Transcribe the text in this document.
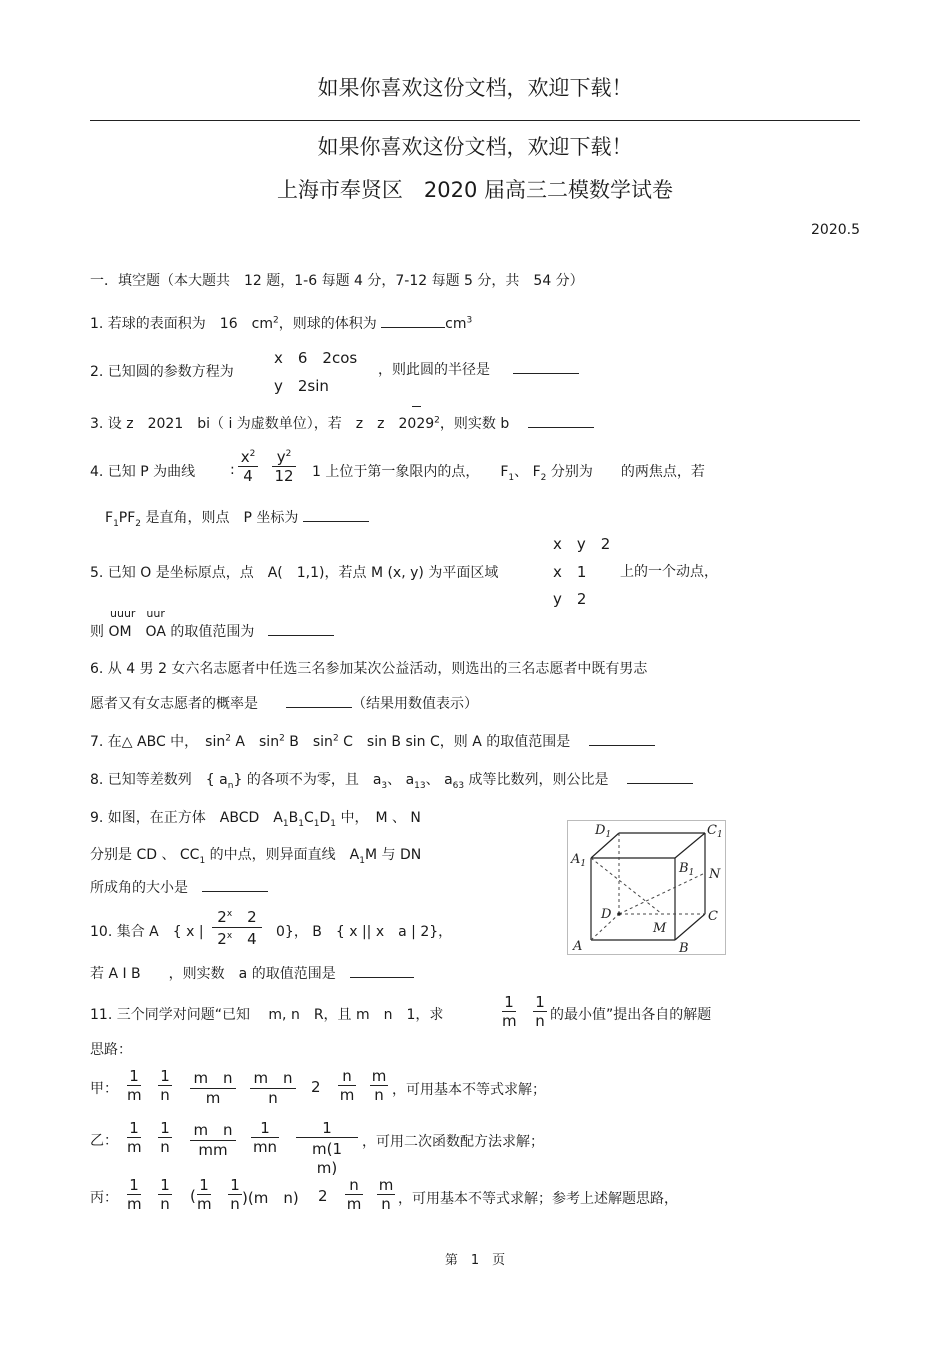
如果你喜欢这份文档，欢迎下载！
如果你喜欢这份文档，欢迎下载！
上海市奉贤区　2020 届高三二模数学试卷
2020.5
一．填空题（本大题共　12 题，1-6 每题 4 分，7-12 每题 5 分，共　54 分）
1. 若球的表面积为　16　$cm^2$，则球的体积为	$cm^3$
2. 已知圆的参数方程为
x　6　2cos
y　2sin
，则此圆的半径是
3. 设 z　2021　bi（ i 为虚数单位），若　z　z　 2029$^2$，则实数 b 　
4. 已知 P 为曲线 :
$x^2$
4
$y^2$
12 1 上位于第一象限内的点，　　 $F_1$、 $F_2$ 分别为　　的两焦点，若
$F_1PF_2$ 是直角，则点　P 坐标为
x　y　2
x　1
y　2
5. 已知 O 是坐标原点，点　A(　1,1)，若点 M (x, y) 为平面区域	上的一个动点，
uuur　uur
则 OM　OA 的取值范围为　
6. 从 4 男 2 女六名志愿者中任选三名参加某次公益活动，则选出的三名志愿者中既有男志
愿者又有女志愿者的概率是　　	（结果用数值表示）
7. 在△ ABC 中，　$\sin^2 A$　$\sin^2 B$　$\sin^2 C$　sin B sin C，则 A 的取值范围是 　
8. 已知等差数列　{ $a_n$} 的各项不为零，且　$a_3$、 $a_{13}$、 $a_{63}$ 成等比数列，则公比是 　
9. 如图，在正方体　ABCD　$A_1B_1C_1D_1$ 中，　M 、 N
分别是 CD 、 $CC_1$ 的中点，则异面直线　$A_1M$ 与 DN
所成角的大小是　
$D_1$	$C_1$
$A_1$	$B_1$ N
D	C
M
A	B
10. 集合 A　{ x |
2$^x$　2
2$^x$　4	0}， B　{ x || x　a | 2}，
若 A I B　　，则实数　a 的取值范围是　
11. 三个同学对问题“已知　 m, n　R，且 m　n　1，求
1
m
1
n 的最小值”提出各自的解题
思路：
甲：
1
m
1
n
m　n
m
m　n
n
2
n
m
m
n ，可用基本不等式求解；
乙：
1
m
1
n
m　n
mm
1
mn
1
m(1　m)
，可用二次函数配方法求解；
丙：
1
m
1
n (
1
m
1
n )(m　n) 2
n
m
m
n ，可用基本不等式求解；参考上述解题思路，
第　1　页
